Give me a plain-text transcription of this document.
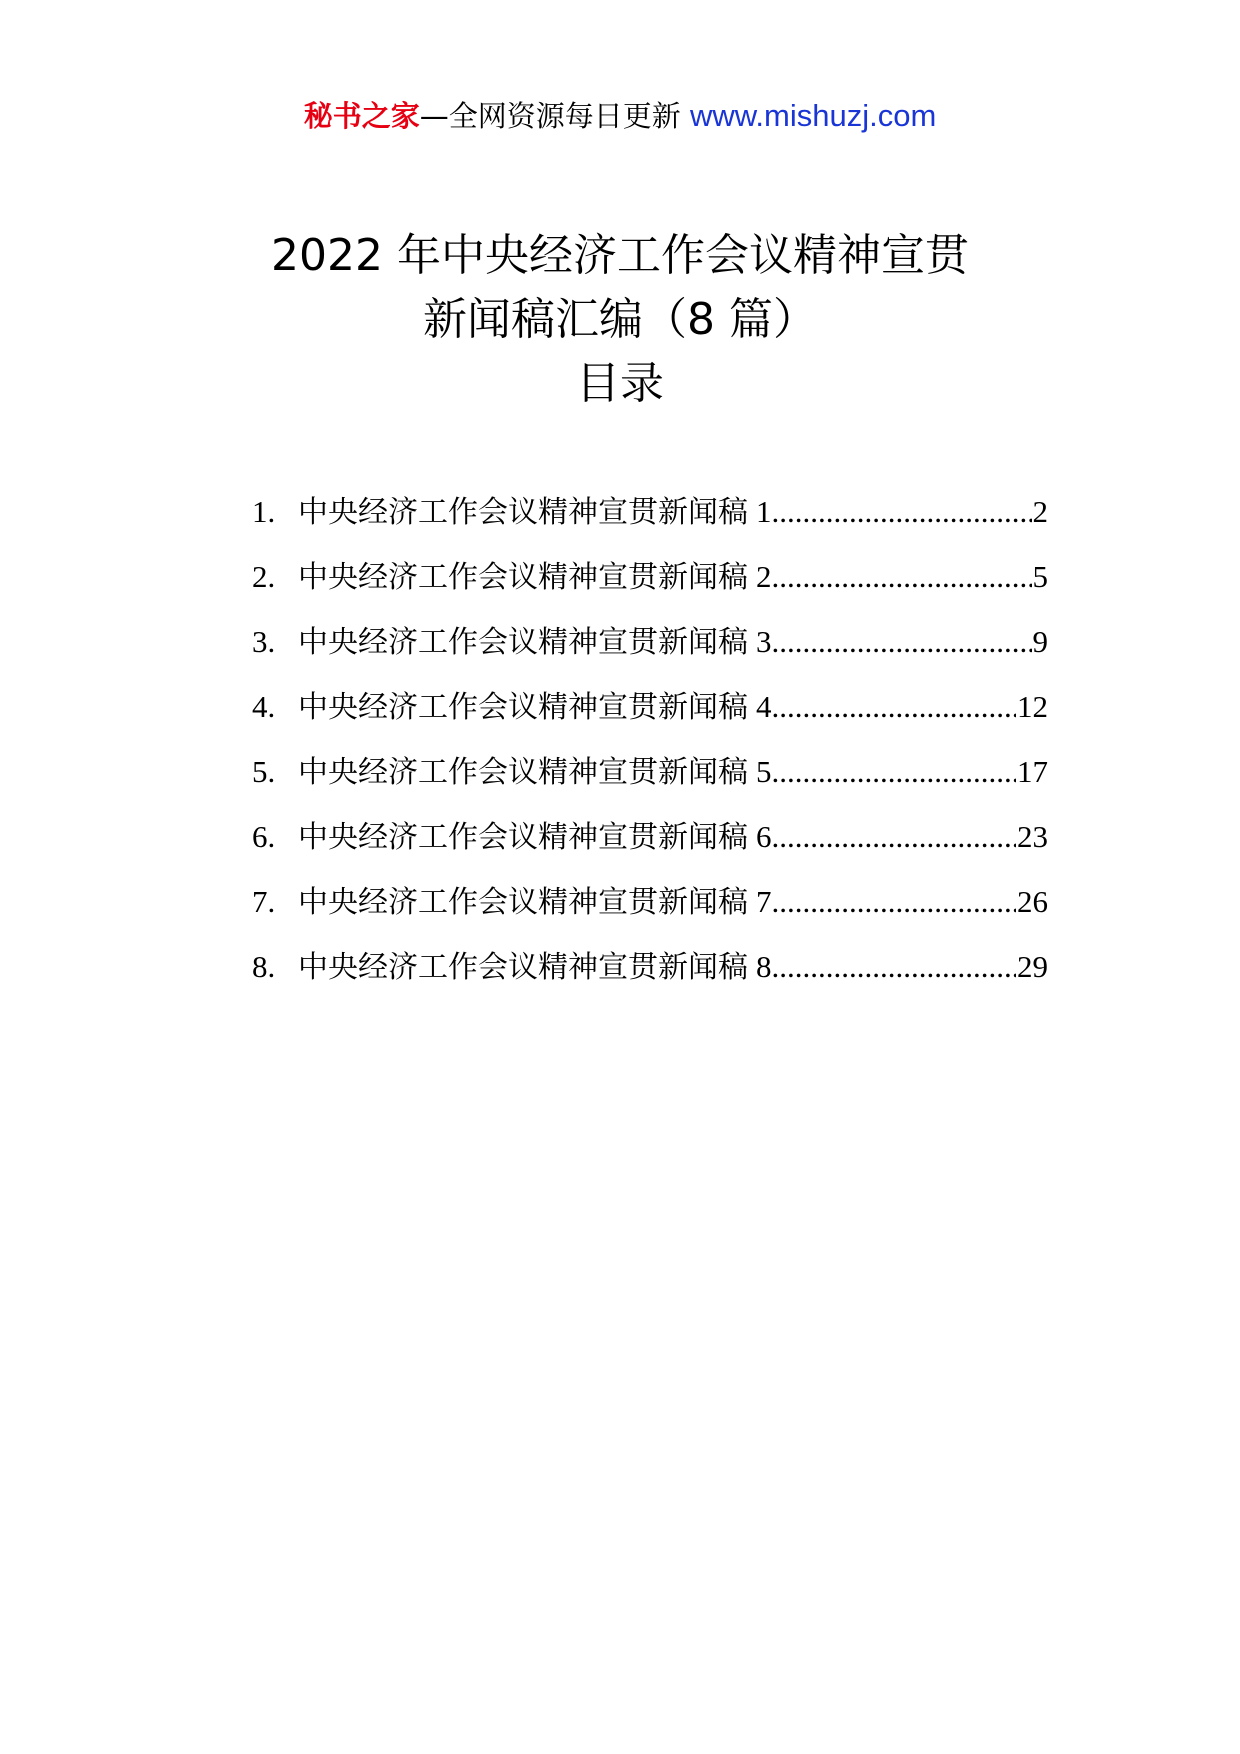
秘书之家—全网资源每日更新 www.mishuzj.com
2022 年中央经济工作会议精神宣贯
新闻稿汇编（8 篇）
目录
1. 中央经济工作会议精神宣贯新闻稿 1 .....	2
2. 中央经济工作会议精神宣贯新闻稿 2 .....	5
3. 中央经济工作会议精神宣贯新闻稿 3 .....	9
4. 中央经济工作会议精神宣贯新闻稿 4 .....	12
5. 中央经济工作会议精神宣贯新闻稿 5 .....	17
6. 中央经济工作会议精神宣贯新闻稿 6 .....	23
7. 中央经济工作会议精神宣贯新闻稿 7 .....	26
8. 中央经济工作会议精神宣贯新闻稿 8 .....	29
